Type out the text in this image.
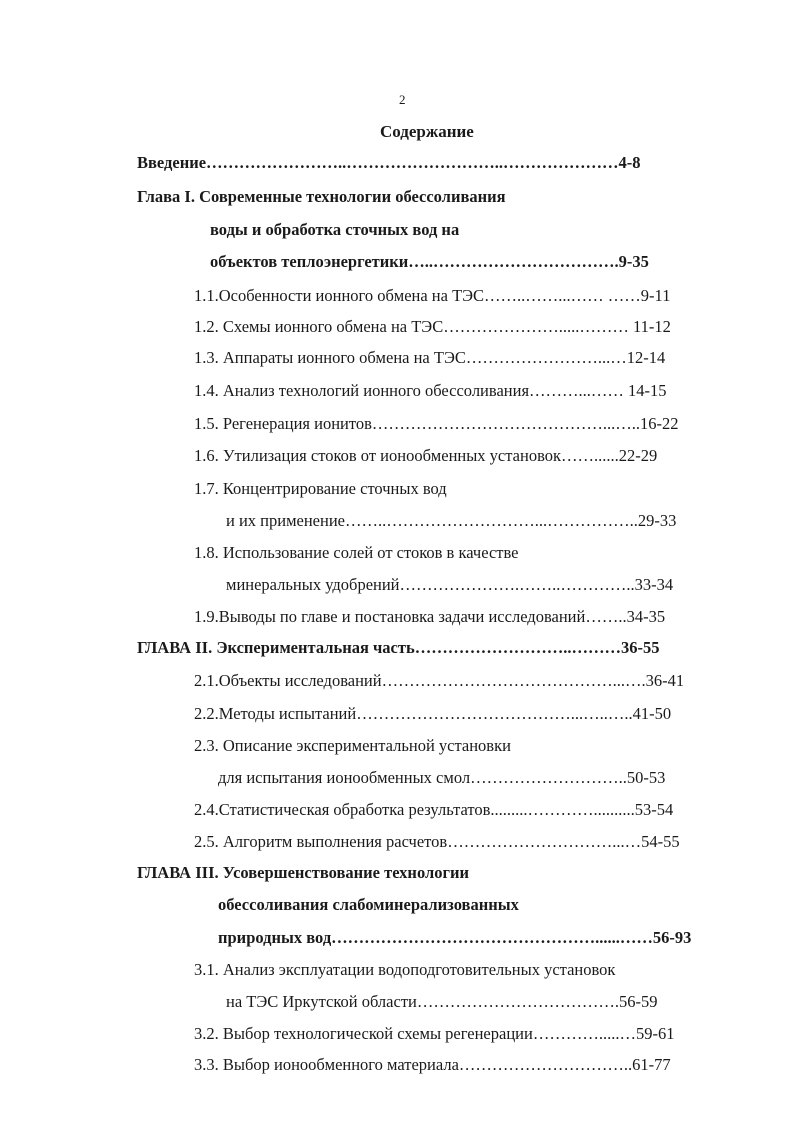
2
Содержание
Введение……………………..………………………..…………………4-8
Глава I. Современные технологии обессоливания
воды и обработка сточных вод на
объектов теплоэнергетики…..…………………………….9-35
1.1.Особенности ионного обмена на ТЭС……..……...…… ……9-11
1.2. Схемы ионного обмена на ТЭС………………….....……… 11-12
1.3. Аппараты ионного обмена на ТЭС……………………...…12-14
1.4. Анализ технологий ионного обессоливания………...…… 14-15
1.5. Регенерация ионитов……………………………………...…..16-22
1.6. Утилизация стоков от ионообменных установок……......22-29
1.7. Концентрирование сточных вод
и их применение……..………………………...……………..29-33
1.8. Использование солей от стоков в качестве
минеральных удобрений………………….……..…………..33-34
1.9.Выводы по главе и постановка задачи исследований……..34-35
ГЛАВА II. Экспериментальная часть………………………..………36-55
2.1.Объекты исследований……………………………………...….36-41
2.2.Методы испытаний…………………………………...…..…..41-50
2.3. Описание экспериментальной установки
для испытания ионообменных смол………………………..50-53
2.4.Статистическая обработка результатов.........…………..........53-54
2.5. Алгоритм выполнения расчетов…………………………...…54-55
ГЛАВА III. Усовершенствование технологии
обессоливания слабоминерализованных
природных вод…………………………………………......……56-93
3.1. Анализ эксплуатации водоподготовительных установок
на ТЭС Иркутской области……………………………….56-59
3.2. Выбор технологической схемы регенерации………….....…59-61
3.3. Выбор ионообменного материала…………………………..61-77
